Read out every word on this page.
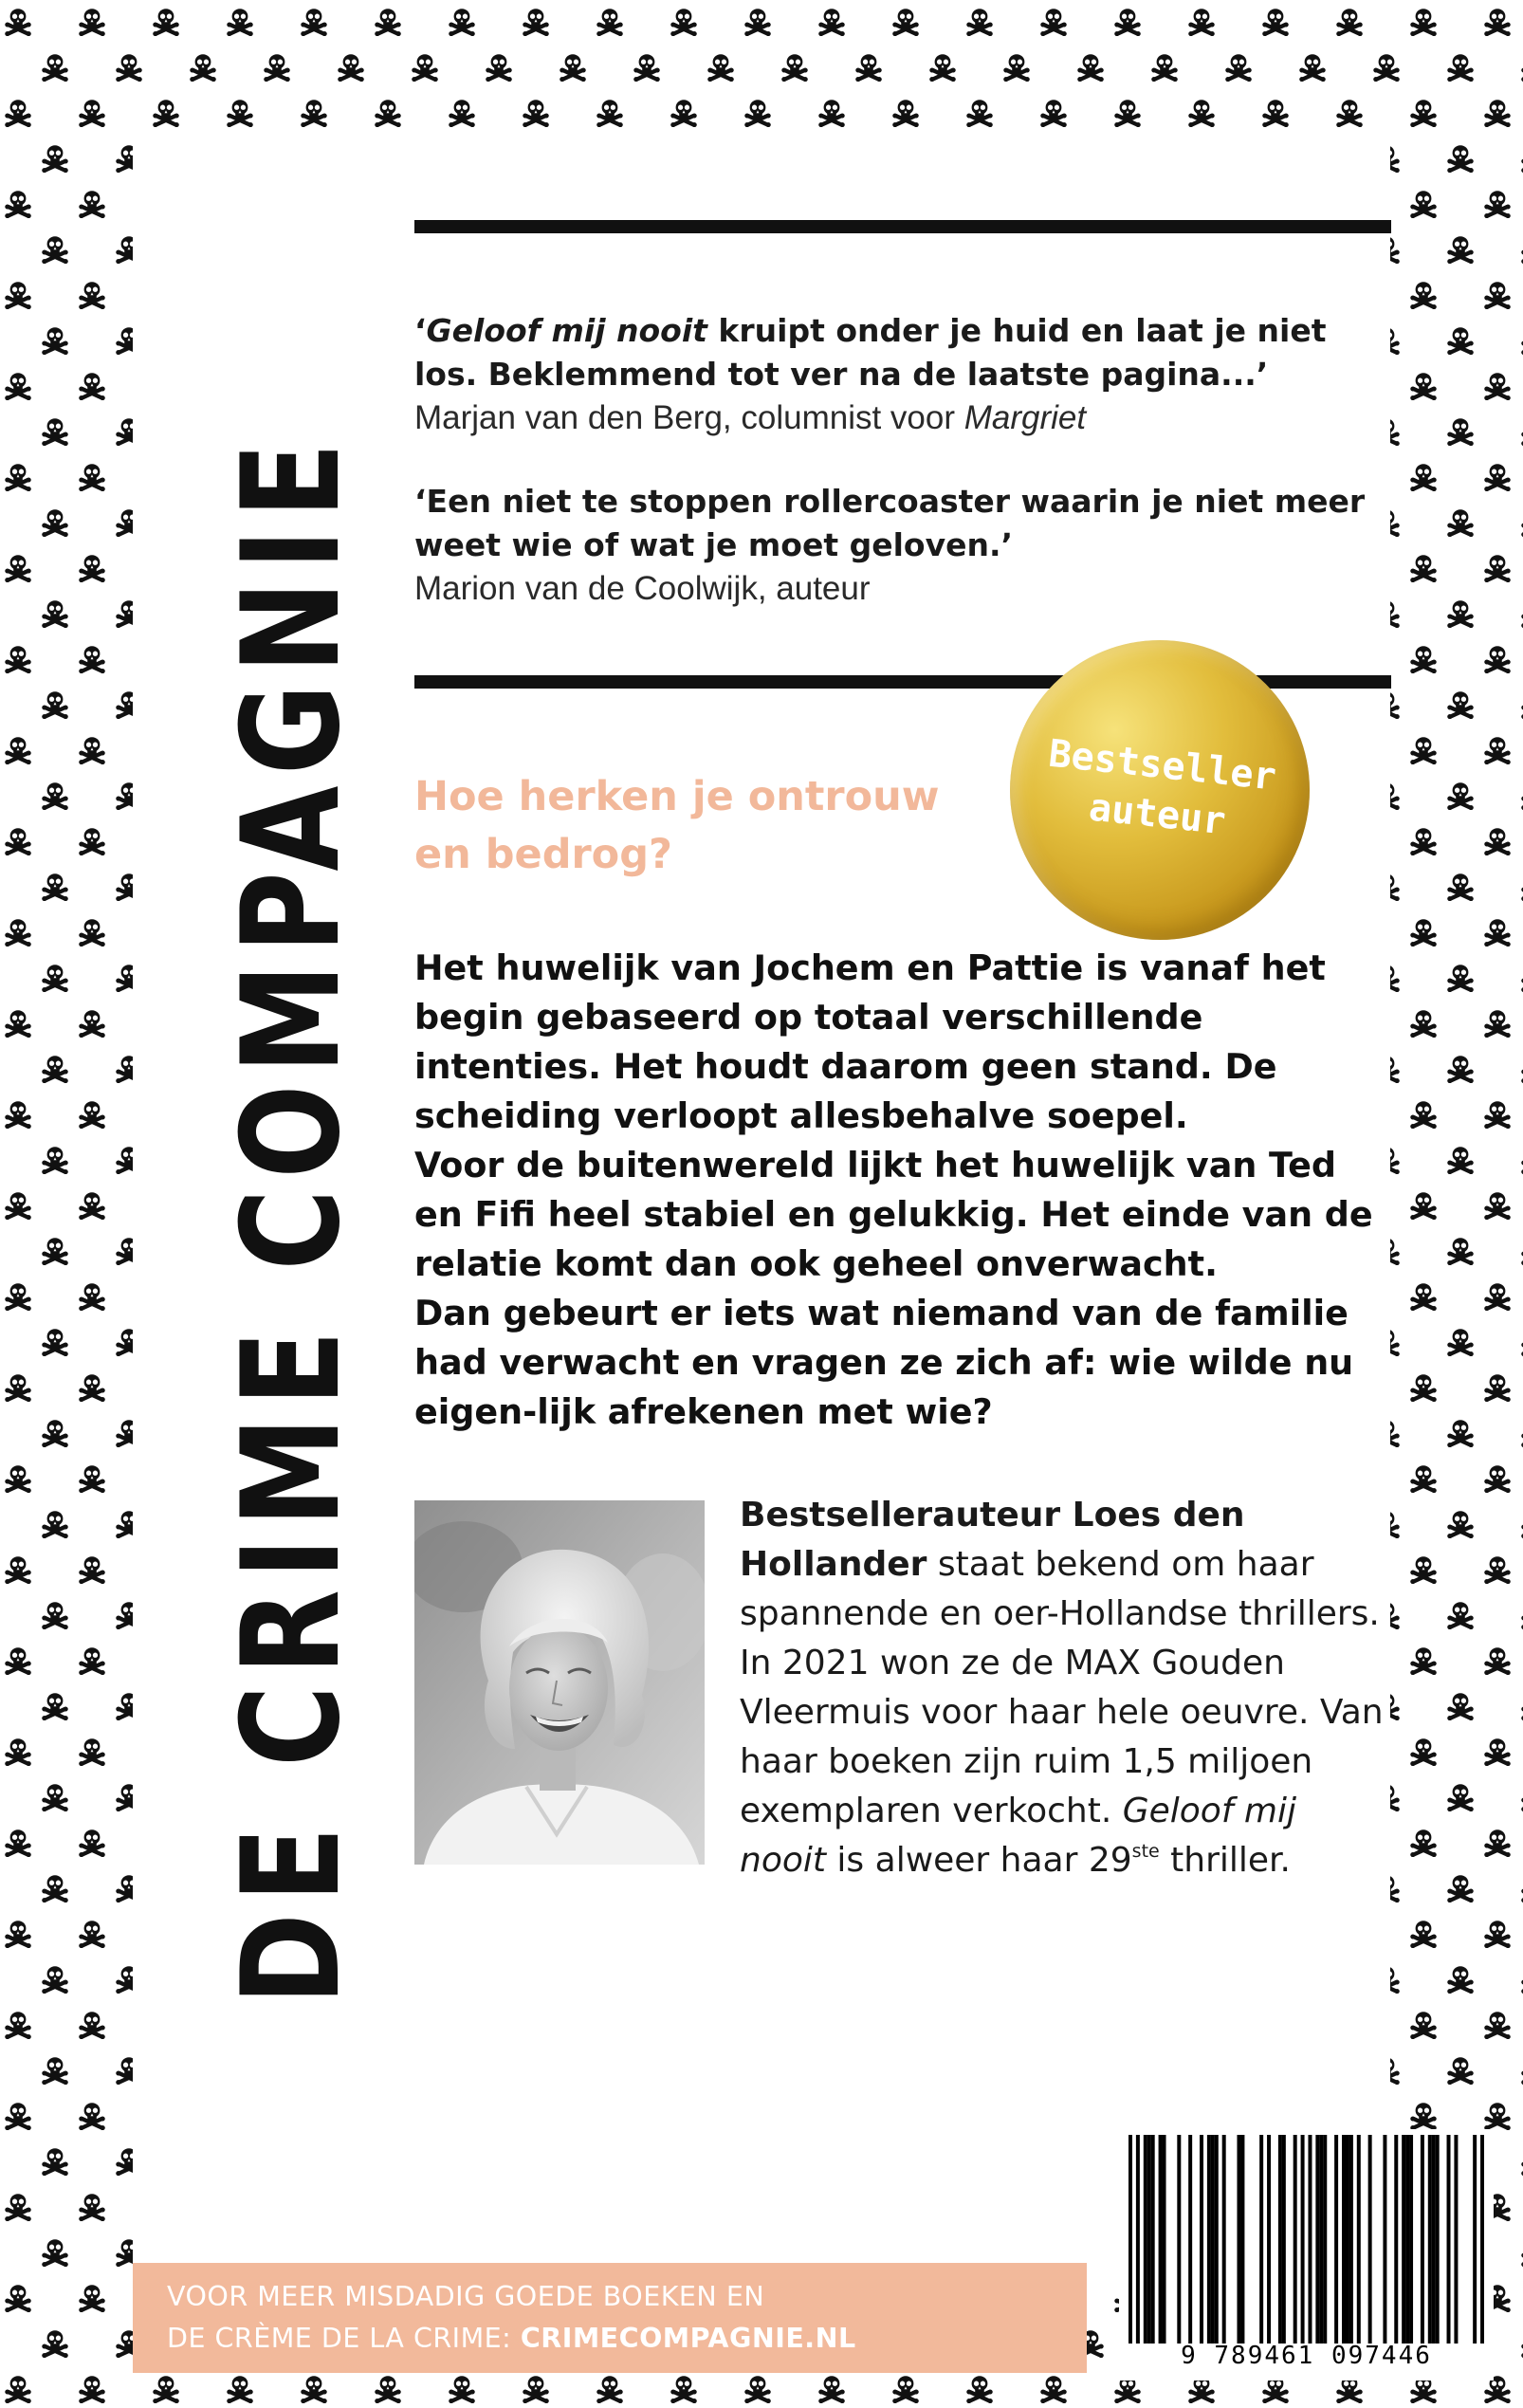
DE CRIME COMPAGNIE
‘Geloof mij nooit kruipt onder je huid en laat je niet los. Beklemmend tot ver na de laatste pagina...’
Marjan van den Berg, columnist voor Margriet
‘Een niet te stoppen rollercoaster waarin je niet meer weet wie of wat je moet geloven.’
Marion van de Coolwijk, auteur
Bestseller
auteur
Hoe herken je ontrouw
en bedrog?

Het huwelijk van Jochem en Pattie is vanaf het begin gebaseerd op totaal verschillende intenties. Het houdt daarom geen stand. De scheiding verloopt allesbehalve soepel.

Voor de buitenwereld lijkt het huwelijk van Ted en Fifi heel stabiel en gelukkig. Het einde van de relatie komt dan ook geheel onverwacht.

Dan gebeurt er iets wat niemand van de familie had verwacht en vragen ze zich af: wie wilde nu eigen-lijk afrekenen met wie?

Bestsellerauteur Loes den Hollander staat bekend om haar spannende en oer-Hollandse thrillers. In 2021 won ze de MAX Gouden Vleermuis voor haar hele oeuvre. Van haar boeken zijn ruim 1,5 miljoen exemplaren verkocht. Geloof mij nooit is alweer haar 29ste thriller.
VOOR MEER MISDADIG GOEDE BOEKEN EN
DE CRÈME DE LA CRIME: CRIMECOMPAGNIE.NL
9 789461 097446
